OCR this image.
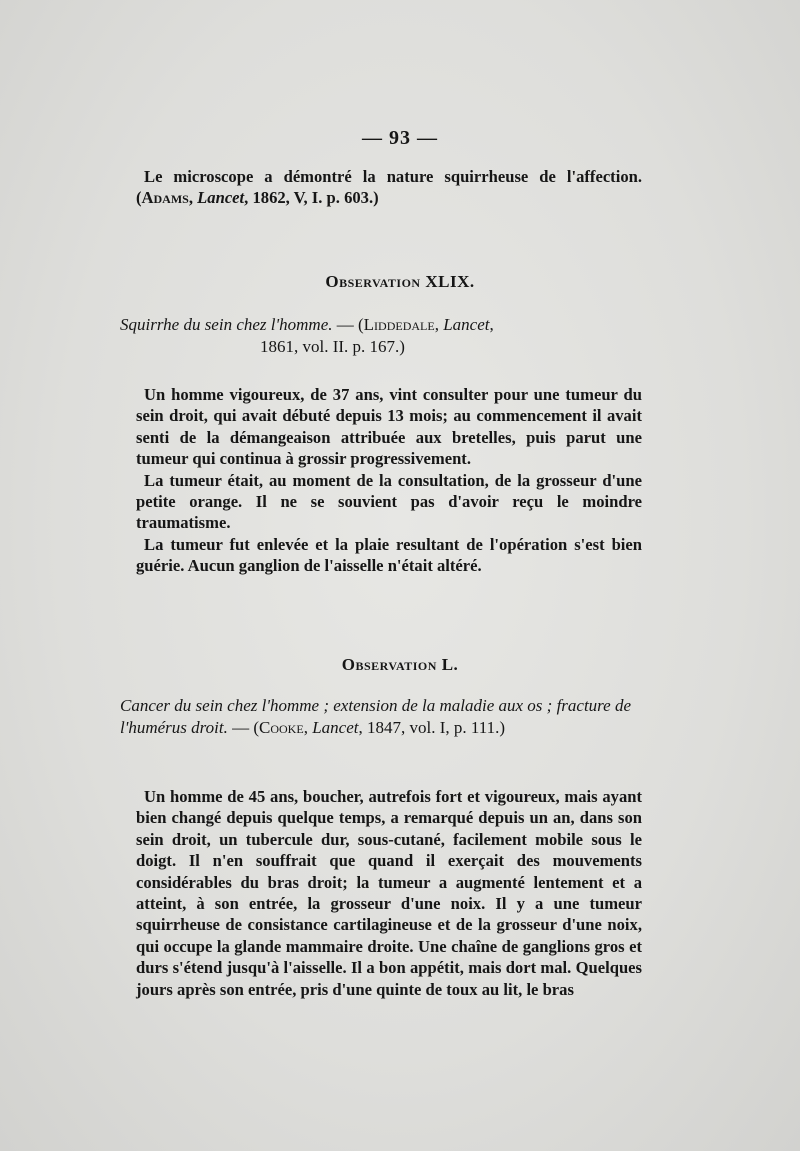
— 93 —

Le microscope a démontré la nature squirrheuse de l'affection. (Adams, Lancet, 1862, V, I. p. 603.)

Observation XLIX.
Squirrhe du sein chez l'homme. — (Liddedale, Lancet,
1861, vol. II. p. 167.)

Un homme vigoureux, de 37 ans, vint consulter pour une tumeur du sein droit, qui avait débuté depuis 13 mois; au commencement il avait senti de la démangeaison attribuée aux bretelles, puis parut une tumeur qui continua à grossir progressivement.

La tumeur était, au moment de la consultation, de la grosseur d'une petite orange. Il ne se souvient pas d'avoir reçu le moindre traumatisme.

La tumeur fut enlevée et la plaie resultant de l'opération s'est bien guérie. Aucun ganglion de l'aisselle n'était altéré.

Observation L.
Cancer du sein chez l'homme ; extension de la maladie aux os ; fracture de l'humérus droit. — (Cooke, Lancet, 1847, vol. I, p. 111.)

Un homme de 45 ans, boucher, autrefois fort et vigoureux, mais ayant bien changé depuis quelque temps, a remarqué depuis un an, dans son sein droit, un tubercule dur, sous-cutané, facilement mobile sous le doigt. Il n'en souffrait que quand il exerçait des mouvements considérables du bras droit; la tumeur a augmenté lentement et a atteint, à son entrée, la grosseur d'une noix. Il y a une tumeur squirrheuse de consistance cartilagineuse et de la grosseur d'une noix, qui occupe la glande mammaire droite. Une chaîne de ganglions gros et durs s'étend jusqu'à l'aisselle. Il a bon appétit, mais dort mal. Quelques jours après son entrée, pris d'une quinte de toux au lit, le bras
